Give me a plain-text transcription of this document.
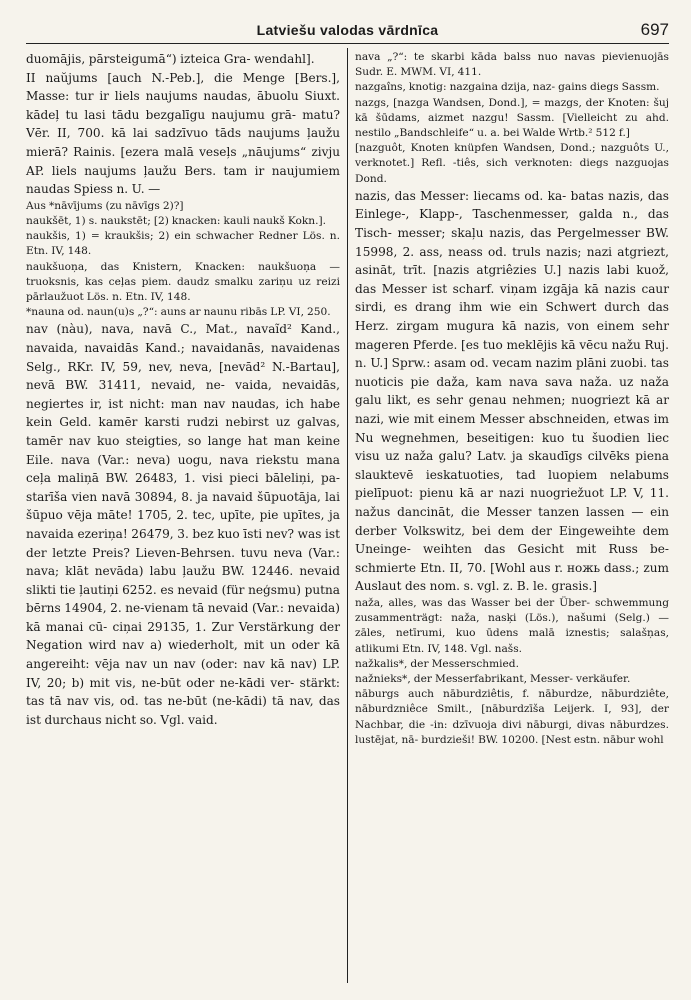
Latviešu valodas vārdnīca	697

duomājis, pārsteigumā“) izteica Gra- wendahl].

II naŭjums [auch N.-Peb.], die Menge [Bers.], Masse: tur ir liels naujums naudas, ābuolu Siuxt. kādeļ tu lasi tādu bezgalīgu naujumu grā- matu? Vēr. II, 700. kā lai sadzīvuo tāds naujums ļaužu mierā? Rainis. [ezera malā veseļs „nāujums“ zivju AP. liels naujums ļaužu Bers. tam ir naujumiem naudas Spiess n. U. —

Aus *nāvījums (zu nāvīgs 2)?]

naukšēt, 1) s. naukstēt; [2) knacken: kauli naukš Kokn.].

naukšis, 1) = kraukšis; 2) ein schwacher Redner Lös. n. Etn. IV, 148.

naukšuoņa, das Knistern, Knacken: naukšuoņa — truoksnis, kas ceļas piem. daudz smalku zariņu uz reizi pārlaužuot Lös. n. Etn. IV, 148.

*nauna od. naun(u)s „?“: auns ar naunu ribās LP. VI, 250.

nav (nàu), nava, navā C., Mat., navaĩd² Kand., navaida, navaidās Kand.; navaidanās, navaidenas Selg., RKr. IV, 59, nev, neva, [nevād² N.-Bartau], nevā BW. 31411, nevaid, ne- vaida, nevaidās, negiertes ir, ist nicht: man nav naudas, ich habe kein Geld. kamēr karsti rudzi nebirst uz galvas, tamēr nav kuo steigties, so lange hat man keine Eile. nava (Var.: neva) uogu, nava riekstu mana ceļa maliņā BW. 26483, 1. visi pieci bāleliņi, pa- starīša vien navā 30894, 8. ja navaid šūpuotāja, lai šūpuo vēja māte! 1705, 2. tec, upīte, pie upītes, ja navaida ezeriņa! 26479, 3. bez kuo īsti nev? was ist der letzte Preis? Lieven-Behrsen. tuvu neva (Var.: nava; klāt nevāda) labu ļaužu BW. 12446. nevaid slikti tie ļautiņi 6252. es nevaid (für neģsmu) putna bērns 14904, 2. ne-vienam tā nevaid (Var.: nevaida) kā manai cū- ciņai 29135, 1. Zur Verstärkung der Negation wird nav a) wiederholt, mit un oder kā angereiht: vēja nav un nav (oder: nav kā nav) LP. IV, 20; b) mit vis, ne-būt oder ne-kādi ver- stärkt: tas tā nav vis, od. tas ne-būt (ne-kādi) tā nav, das ist durchaus nicht so. Vgl. vaid.

nava „?“: te skarbi kāda balss nuo navas pievienuojās Sudr. E. MWM. VI, 411.

nazgaîns, knotig: nazgaina dzija, naz- gains diegs Sassm.

nazgs, [nazga Wandsen, Dond.], = mazgs, der Knoten: šuj kā šūdams, aizmet nazgu! Sassm. [Vielleicht zu ahd. nestilo „Bandschleife“ u. a. bei Walde Wrtb.² 512 f.]

[nazguôt, Knoten knüpfen Wandsen, Dond.; nazguôts U., verknotet.] Refl. -tiês, sich verknoten: diegs nazguojas Dond.

nazis, das Messer: liecams od. ka- batas nazis, das Einlege-, Klapp-, Taschenmesser, galda n., das Tisch- messer; skaļu nazis, das Pergelmesser BW. 15998, 2. ass, neass od. truls nazis; nazi atgriezt, asināt, trīt. [nazis atgriêzies U.] nazis labi kuož, das Messer ist scharf. viņam izgāja kā nazis caur sirdi, es drang ihm wie ein Schwert durch das Herz. zirgam mugura kā nazis, von einem sehr mageren Pferde. [es tuo meklējis kā vēcu nažu Ruj. n. U.] Sprw.: asam od. vecam nazim plāni zuobi. tas nuoticis pie daža, kam nava sava naža. uz naža galu likt, es sehr genau nehmen; nuogriezt kā ar nazi, wie mit einem Messer abschneiden, etwas im Nu wegnehmen, beseitigen: kuo tu šuodien liec visu uz naža galu? Latv. ja skaudīgs cilvēks piena slauktevē ieskatuoties, tad luopiem nelabums pielīpuot: pienu kā ar nazi nuogriežuot LP. V, 11. nažus dancināt, die Messer tanzen lassen — ein derber Volkswitz, bei dem der Eingeweihte dem Uneinge- weihten das Gesicht mit Russ be- schmierte Etn. II, 70. [Wohl aus r. ножь dass.; zum Auslaut des nom. s. vgl. z. B. le. grasis.]

naža, alles, was das Wasser bei der Über- schwemmung zusammenträgt: naža, nasķi (Lös.), našumi (Selg.) — zāles, netīrumi, kuo ūdens malā iznestis; salašņas, atlikumi Etn. IV, 148. Vgl. našs.

nažkalis*, der Messerschmied.

nažnieks*, der Messerfabrikant, Messer- verkäufer.

nāburgs auch nāburdziêtis, f. nāburdze, nāburdziête, nāburdzniêce Smilt., [nāburdzīša Leijerk. I, 93], der Nachbar, die -in: dzīvuoja divi nāburgi, divas nāburdzes. lustējat, nā- burdzieši! BW. 10200. [Nest estn. nābur wohl
